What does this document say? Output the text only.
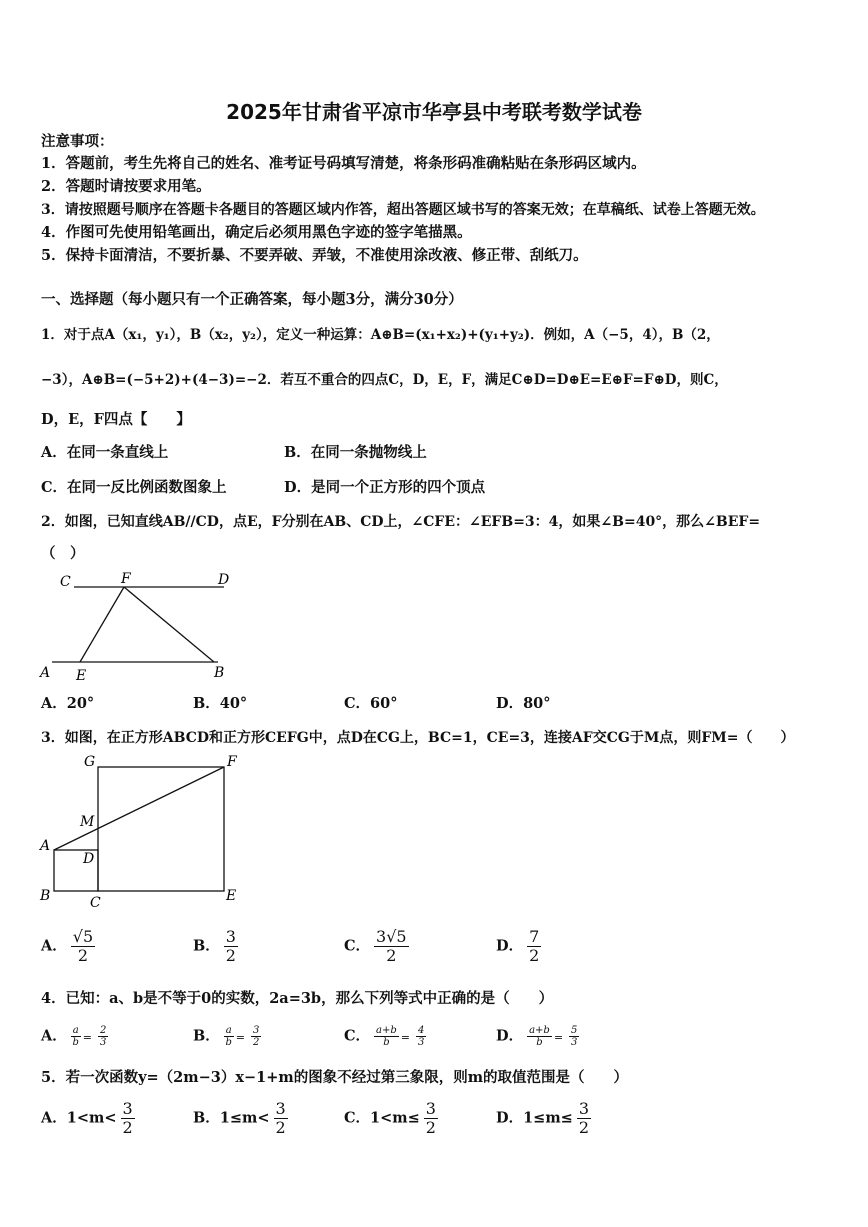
2025年甘肃省平凉市华亭县中考联考数学试卷
注意事项：
1．答题前，考生先将自己的姓名、准考证号码填写清楚，将条形码准确粘贴在条形码区域内。
2．答题时请按要求用笔。
3．请按照题号顺序在答题卡各题目的答题区域内作答，超出答题区域书写的答案无效；在草稿纸、试卷上答题无效。
4．作图可先使用铅笔画出，确定后必须用黑色字迹的签字笔描黑。
5．保持卡面清洁，不要折暴、不要弄破、弄皱，不准使用涂改液、修正带、刮纸刀。
一、选择题（每小题只有一个正确答案，每小题3分，满分30分）
1．对于点A（x₁，y₁），B（x₂，y₂），定义一种运算：A⊕B=(x₁+x₂)+(y₁+y₂)．例如，A（−5，4），B（2，
−3），A⊕B=(−5+2)+(4−3)=−2．若互不重合的四点C，D，E，F，满足C⊕D=D⊕E=E⊕F=F⊕D，则C，
D，E，F四点【　　】
A．在同一条直线上	B．在同一条抛物线上
C．在同一反比例函数图象上	D．是同一个正方形的四个顶点
2．如图，已知直线AB//CD，点E，F分别在AB、CD上，∠CFE：∠EFB=3：4，如果∠B=40°，那么∠BEF=
（　）
C	F	D
A E	B
A．20°	B．40°	C．60°	D．80°
3．如图，在正方形ABCD和正方形CEFG中，点D在CG上，BC=1，CE=3，连接AF交CG于M点，则FM=（　　）
G	F
M
A
D
B	C	E
A． $\frac{√5}{2}$	B． $\frac{3}{2}$	C． $\frac{3√5}{2}$	D． $\frac{7}{2}$
4．已知：a、b是不等于0的实数，2a=3b，那么下列等式中正确的是（　　）
A． $\frac{a}{b} = \frac{2}{3}$	B． $\frac{a}{b} = \frac{3}{2}$	C． $\frac{a+b}{b} = \frac{4}{3}$	D． $\frac{a+b}{b} = \frac{5}{3}$
5．若一次函数y=（2m−3）x−1+m的图象不经过第三象限，则m的取值范围是（　　）
A．$1<m< \frac{3}{2}$	B．$1\le m< \frac{3}{2}$	C．$1<m\le \frac{3}{2}$	D．$1\le m\le \frac{3}{2}$
